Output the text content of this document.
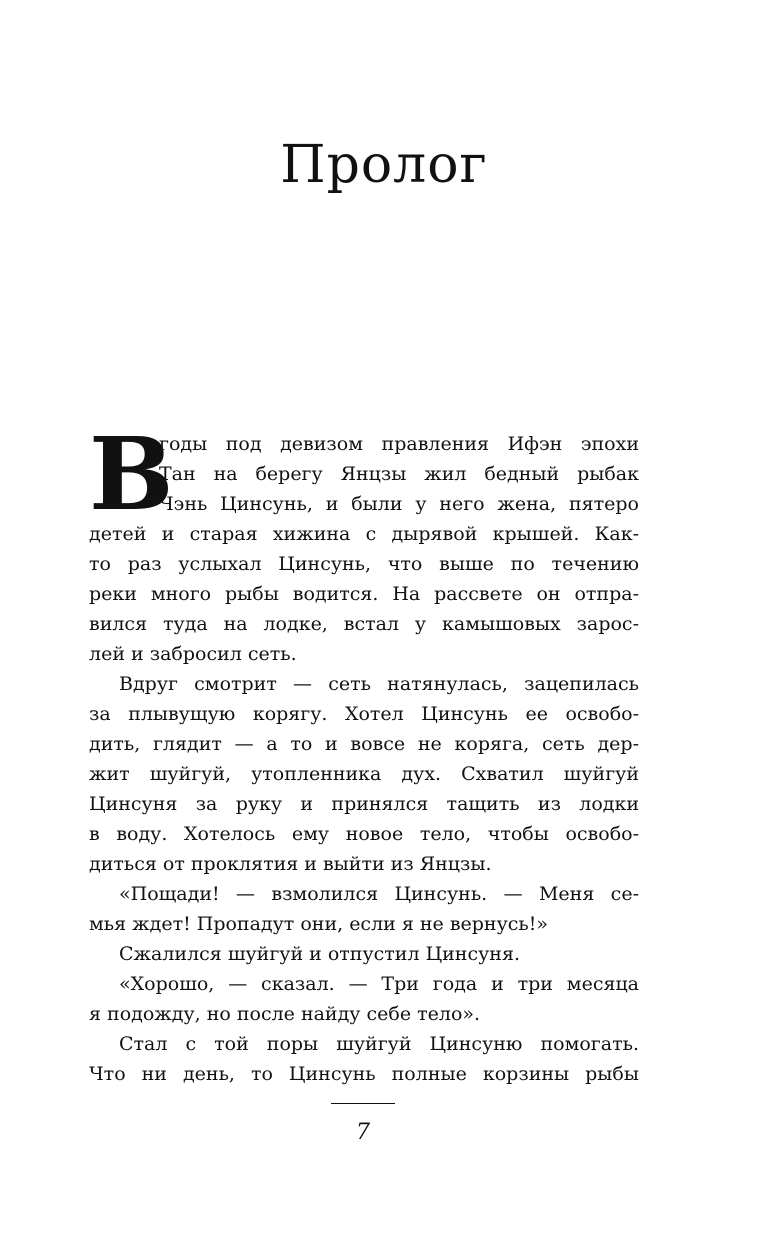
Пролог
В
годы под девизом правления Ифэн эпохи
Тан на берегу Янцзы жил бедный рыбак
Чэнь Цинсунь, и были у него жена, пятеро
детей и старая хижина с дырявой крышей. Как-
то раз услыхал Цинсунь, что выше по течению
реки много рыбы водится. На рассвете он отпра-
вился туда на лодке, встал у камышовых зарос-
лей и забросил сеть.
Вдруг смотрит — сеть натянулась, зацепилась
за плывущую корягу. Хотел Цинсунь ее освобо-
дить, глядит — а то и вовсе не коряга, сеть дер-
жит шуйгуй, утопленника дух. Схватил шуйгуй
Цинсуня за руку и принялся тащить из лодки
в воду. Хотелось ему новое тело, чтобы освобо-
диться от проклятия и выйти из Янцзы.
«Пощади! — взмолился Цинсунь. — Меня се-
мья ждет! Пропадут они, если я не вернусь!»
Сжалился шуйгуй и отпустил Цинсуня.
«Хорошо, — сказал. — Три года и три месяца
я подожду, но после найду себе тело».
Стал с той поры шуйгуй Цинсуню помогать.
Что ни день, то Цинсунь полные корзины рыбы
7
